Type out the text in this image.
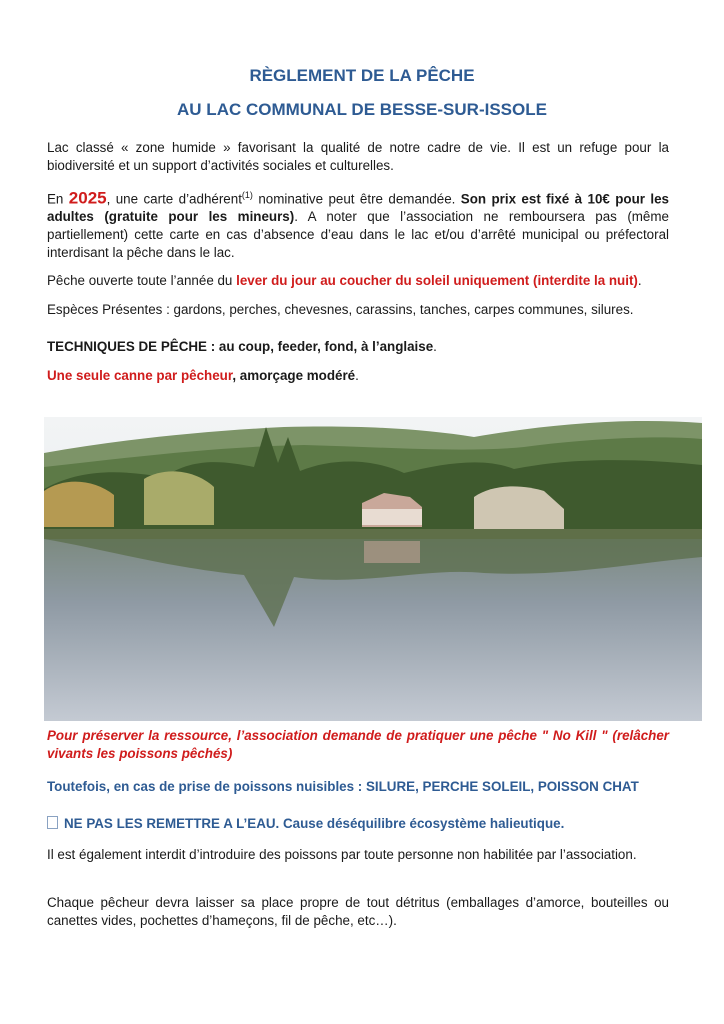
RÈGLEMENT DE LA PÊCHE
AU LAC COMMUNAL DE BESSE-SUR-ISSOLE
Lac classé « zone humide » favorisant la qualité de notre cadre de vie. Il est un refuge pour la biodiversité et un support d’activités sociales et culturelles.
En 2025, une carte d’adhérent$^{(1)}$ nominative peut être demandée. Son prix est fixé à 10€ pour les adultes (gratuite pour les mineurs). A noter que l’association ne remboursera pas (même partiellement) cette carte en cas d’absence d’eau dans le lac et/ou d’arrêté municipal ou préfectoral interdisant la pêche dans le lac.
Pêche ouverte toute l’année du lever du jour au coucher du soleil uniquement (interdite la nuit).
Espèces Présentes : gardons, perches, chevesnes, carassins, tanches, carpes communes, silures.
TECHNIQUES DE PÊCHE : au coup, feeder, fond, à l’anglaise.
Une seule canne par pêcheur, amorçage modéré.
Pour préserver la ressource, l’association demande de pratiquer une pêche " No Kill " (relâcher vivants les poissons pêchés)
Toutefois, en cas de prise de poissons nuisibles : SILURE, PERCHE SOLEIL, POISSON CHAT
NE PAS LES REMETTRE A L’EAU. Cause déséquilibre écosystème halieutique.
Il est également interdit d’introduire des poissons par toute personne non habilitée par l’association.
Chaque pêcheur devra laisser sa place propre de tout détritus (emballages d’amorce, bouteilles ou canettes vides, pochettes d’hameçons, fil de pêche, etc…).
